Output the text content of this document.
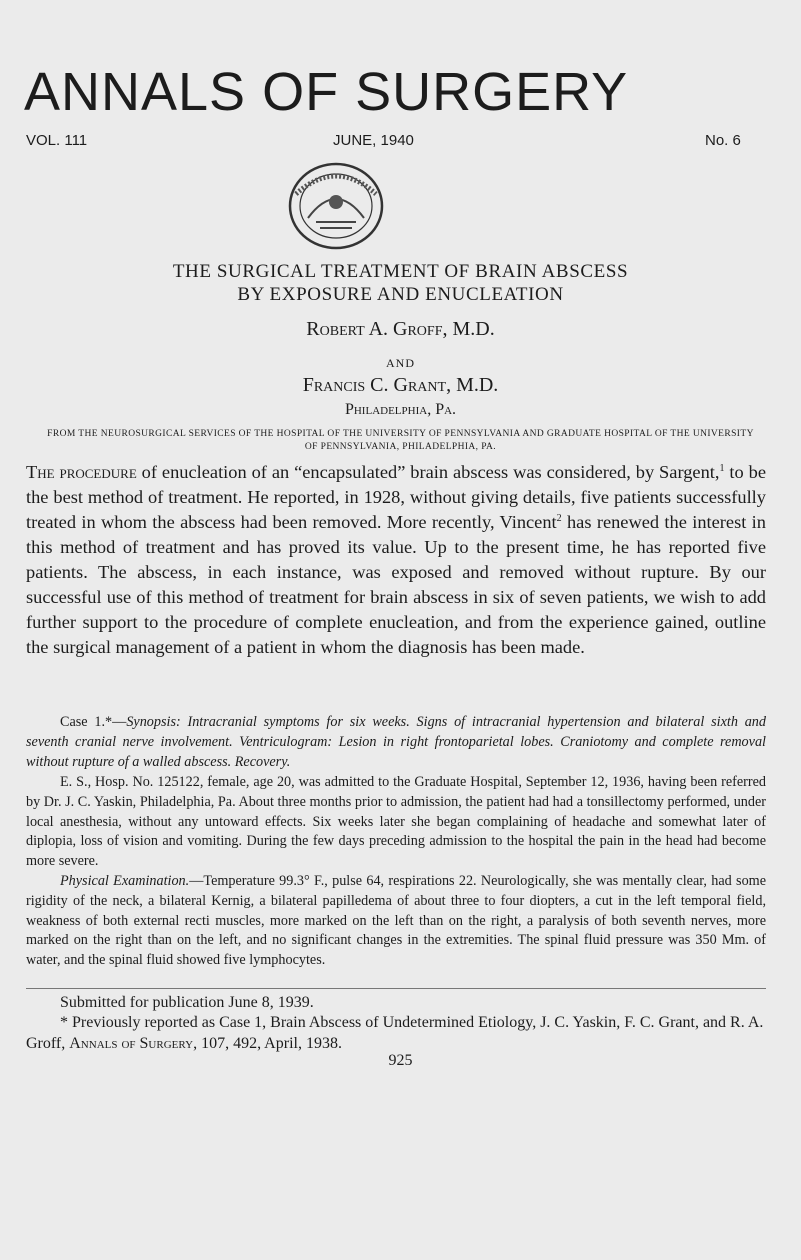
ANNALS OF SURGERY
VOL. 111	JUNE, 1940	No. 6
THE SURGICAL TREATMENT OF BRAIN ABSCESS
BY EXPOSURE AND ENUCLEATION
Robert A. Groff, M.D.
AND
Francis C. Grant, M.D.
Philadelphia, Pa.
FROM THE NEUROSURGICAL SERVICES OF THE HOSPITAL OF THE UNIVERSITY OF PENNSYLVANIA AND GRADUATE HOSPITAL OF THE UNIVERSITY OF PENNSYLVANIA, PHILADELPHIA, PA.
The procedure of enucleation of an “encapsulated” brain abscess was considered, by Sargent,$^1$ to be the best method of treatment. He reported, in 1928, without giving details, five patients successfully treated in whom the abscess had been removed. More recently, Vincent$^2$ has renewed the interest in this method of treatment and has proved its value. Up to the present time, he has reported five patients. The abscess, in each instance, was exposed and removed without rupture. By our successful use of this method of treatment for brain abscess in six of seven patients, we wish to add further support to the procedure of complete enucleation, and from the experience gained, outline the surgical management of a patient in whom the diagnosis has been made.
Case 1.*—Synopsis: Intracranial symptoms for six weeks. Signs of intracranial hypertension and bilateral sixth and seventh cranial nerve involvement. Ventriculogram: Lesion in right frontoparietal lobes. Craniotomy and complete removal without rupture of a walled abscess. Recovery.
E. S., Hosp. No. 125122, female, age 20, was admitted to the Graduate Hospital, September 12, 1936, having been referred by Dr. J. C. Yaskin, Philadelphia, Pa. About three months prior to admission, the patient had had a tonsillectomy performed, under local anesthesia, without any untoward effects. Six weeks later she began complaining of headache and somewhat later of diplopia, loss of vision and vomiting. During the few days preceding admission to the hospital the pain in the head had become more severe.
Physical Examination.—Temperature 99.3° F., pulse 64, respirations 22. Neurologically, she was mentally clear, had some rigidity of the neck, a bilateral Kernig, a bilateral papilledema of about three to four diopters, a cut in the left temporal field, weakness of both external recti muscles, more marked on the left than on the right, a paralysis of both seventh nerves, more marked on the right than on the left, and no significant changes in the extremities. The spinal fluid pressure was 350 Mm. of water, and the spinal fluid showed five lymphocytes.
Submitted for publication June 8, 1939.
* Previously reported as Case 1, Brain Abscess of Undetermined Etiology, J. C. Yaskin, F. C. Grant, and R. A. Groff, Annals of Surgery, 107, 492, April, 1938.
925
